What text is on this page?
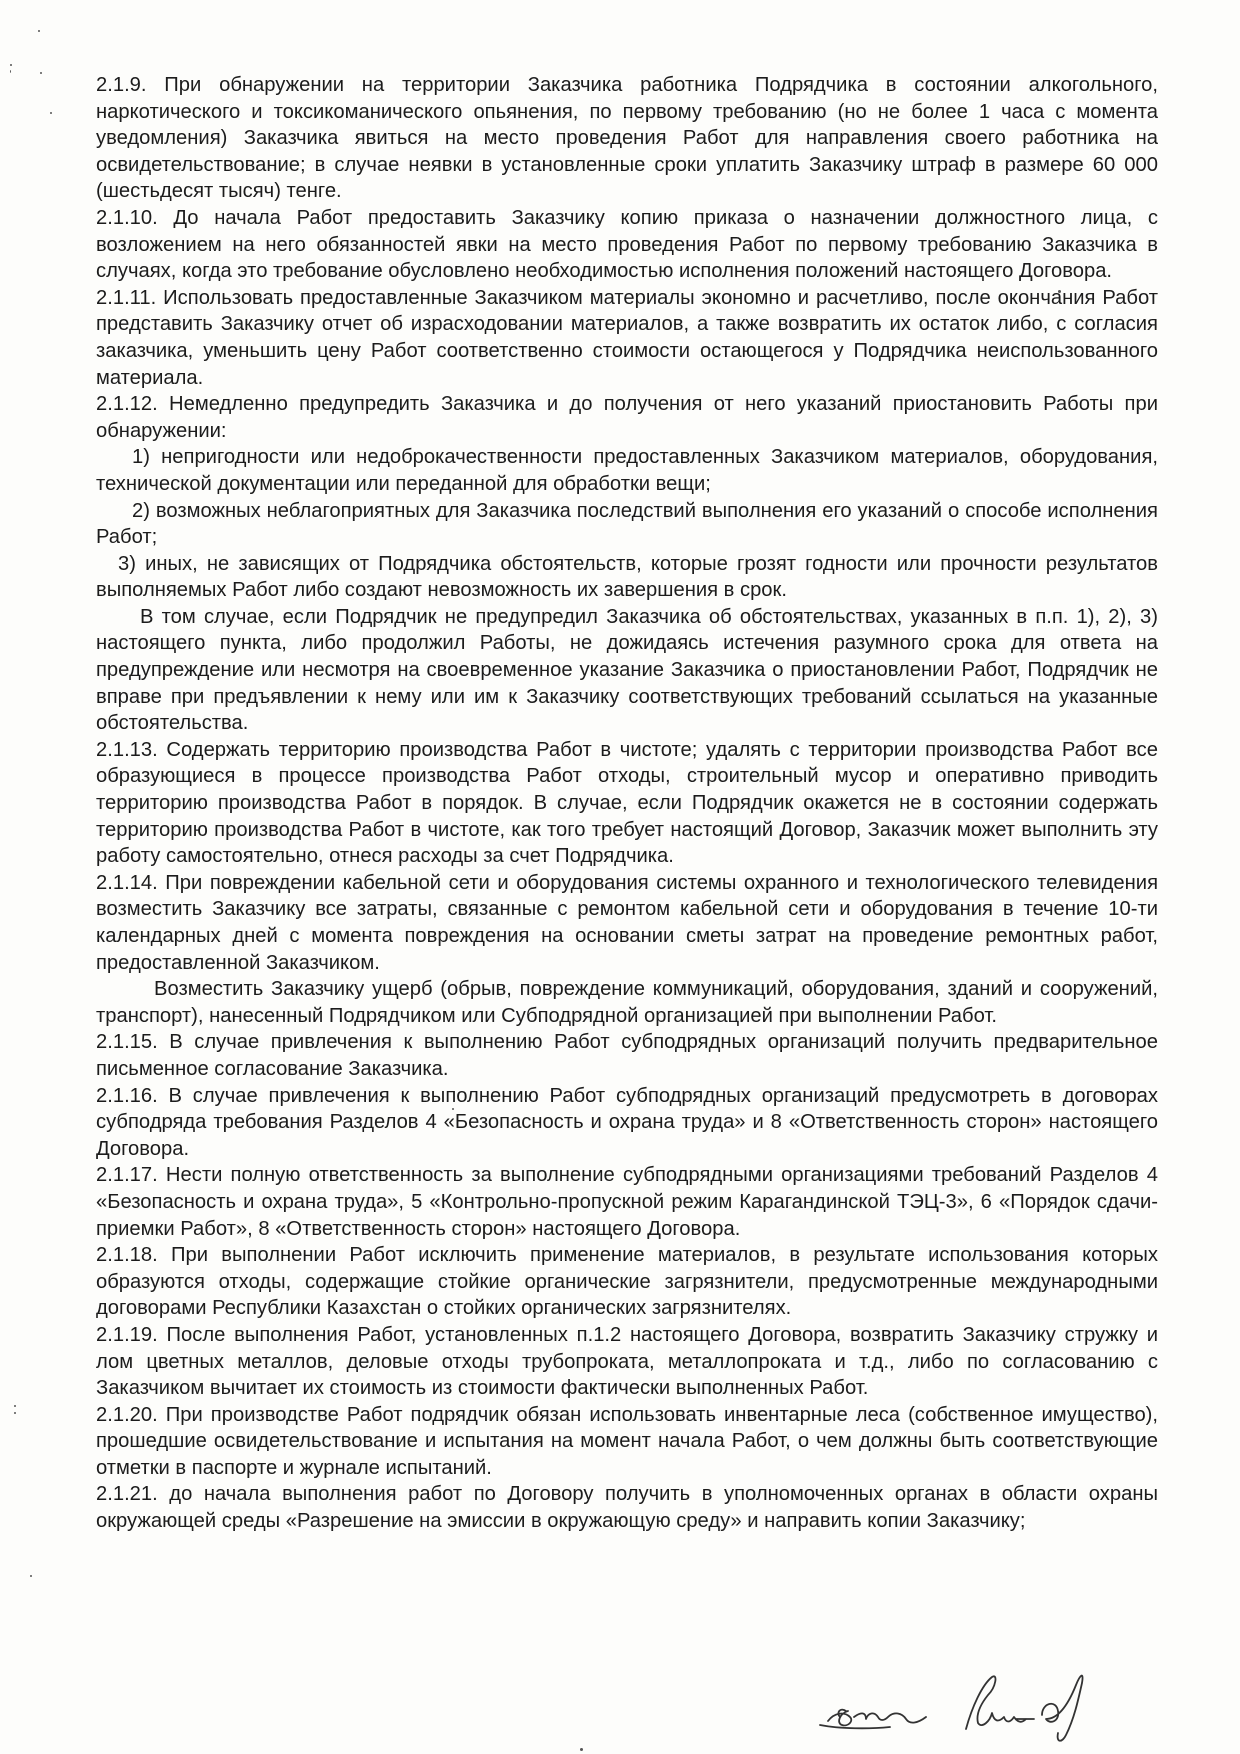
2.1.9. При обнаружении на территории Заказчика работника Подрядчика в состоянии алкогольного, наркотического и токсикоманического опьянения, по первому требованию (но не более 1 часа с момента уведомления) Заказчика явиться на место проведения Работ для направления своего работника на освидетельствование; в случае неявки в установленные сроки уплатить Заказчику штраф в размере 60 000 (шестьдесят тысяч) тенге.

2.1.10. До начала Работ предоставить Заказчику копию приказа о назначении должностного лица, с возложением на него обязанностей явки на место проведения Работ по первому требованию Заказчика в случаях, когда это требование обусловлено необходимостью исполнения положений настоящего Договора.

2.1.11. Использовать предоставленные Заказчиком материалы экономно и расчетливо, после окончания Работ представить Заказчику отчет об израсходовании материалов, а также возвратить их остаток либо, с согласия заказчика, уменьшить цену Работ соответственно стоимости остающегося у Подрядчика неиспользованного материала.

2.1.12. Немедленно предупредить Заказчика и до получения от него указаний приостановить Работы при обнаружении:

1) непригодности или недоброкачественности предоставленных Заказчиком материалов, оборудования, технической документации или переданной для обработки вещи;

2) возможных неблагоприятных для Заказчика последствий выполнения его указаний о способе исполнения Работ;

3) иных, не зависящих от Подрядчика обстоятельств, которые грозят годности или прочности результатов выполняемых Работ либо создают невозможность их завершения в срок.

В том случае, если Подрядчик не предупредил Заказчика об обстоятельствах, указанных в п.п. 1), 2), 3) настоящего пункта, либо продолжил Работы, не дожидаясь истечения разумного срока для ответа на предупреждение или несмотря на своевременное указание Заказчика о приостановлении Работ, Подрядчик не вправе при предъявлении к нему или им к Заказчику соответствующих требований ссылаться на указанные обстоятельства.

2.1.13. Содержать территорию производства Работ в чистоте; удалять с территории производства Работ все образующиеся в процессе производства Работ отходы, строительный мусор и оперативно приводить территорию производства Работ в порядок. В случае, если Подрядчик окажется не в состоянии содержать территорию производства Работ в чистоте, как того требует настоящий Договор, Заказчик может выполнить эту работу самостоятельно, отнеся расходы за счет Подрядчика.

2.1.14. При повреждении кабельной сети и оборудования системы охранного и технологического телевидения возместить Заказчику все затраты, связанные с ремонтом кабельной сети и оборудования в течение 10-ти календарных дней с момента повреждения на основании сметы затрат на проведение ремонтных работ, предоставленной Заказчиком.

Возместить Заказчику ущерб (обрыв, повреждение коммуникаций, оборудования, зданий и сооружений, транспорт), нанесенный Подрядчиком или Субподрядной организацией при выполнении Работ.

2.1.15. В случае привлечения к выполнению Работ субподрядных организаций получить предварительное письменное согласование Заказчика.

2.1.16. В случае привлечения к выполнению Работ субподрядных организаций предусмотреть в договорах субподряда требования Разделов 4 «Безопасность и охрана труда» и 8 «Ответственность сторон» настоящего Договора.

2.1.17. Нести полную ответственность за выполнение субподрядными организациями требований Разделов 4 «Безопасность и охрана труда», 5 «Контрольно-пропускной режим Карагандинской ТЭЦ-3», 6 «Порядок сдачи-приемки Работ», 8 «Ответственность сторон» настоящего Договора.

2.1.18. При выполнении Работ исключить применение материалов, в результате использования которых образуются отходы, содержащие стойкие органические загрязнители, предусмотренные международными договорами Республики Казахстан о стойких органических загрязнителях.

2.1.19. После выполнения Работ, установленных п.1.2 настоящего Договора, возвратить Заказчику стружку и лом цветных металлов, деловые отходы трубопроката, металлопроката и т.д., либо по согласованию с Заказчиком вычитает их стоимость из стоимости фактически выполненных Работ.

2.1.20. При производстве Работ подрядчик обязан использовать инвентарные леса (собственное имущество), прошедшие освидетельствование и испытания на момент начала Работ, о чем должны быть соответствующие отметки в паспорте и журнале испытаний.

2.1.21. до начала выполнения работ по Договору получить в уполномоченных органах в области охраны окружающей среды «Разрешение на эмиссии в окружающую среду» и направить копии Заказчику;
